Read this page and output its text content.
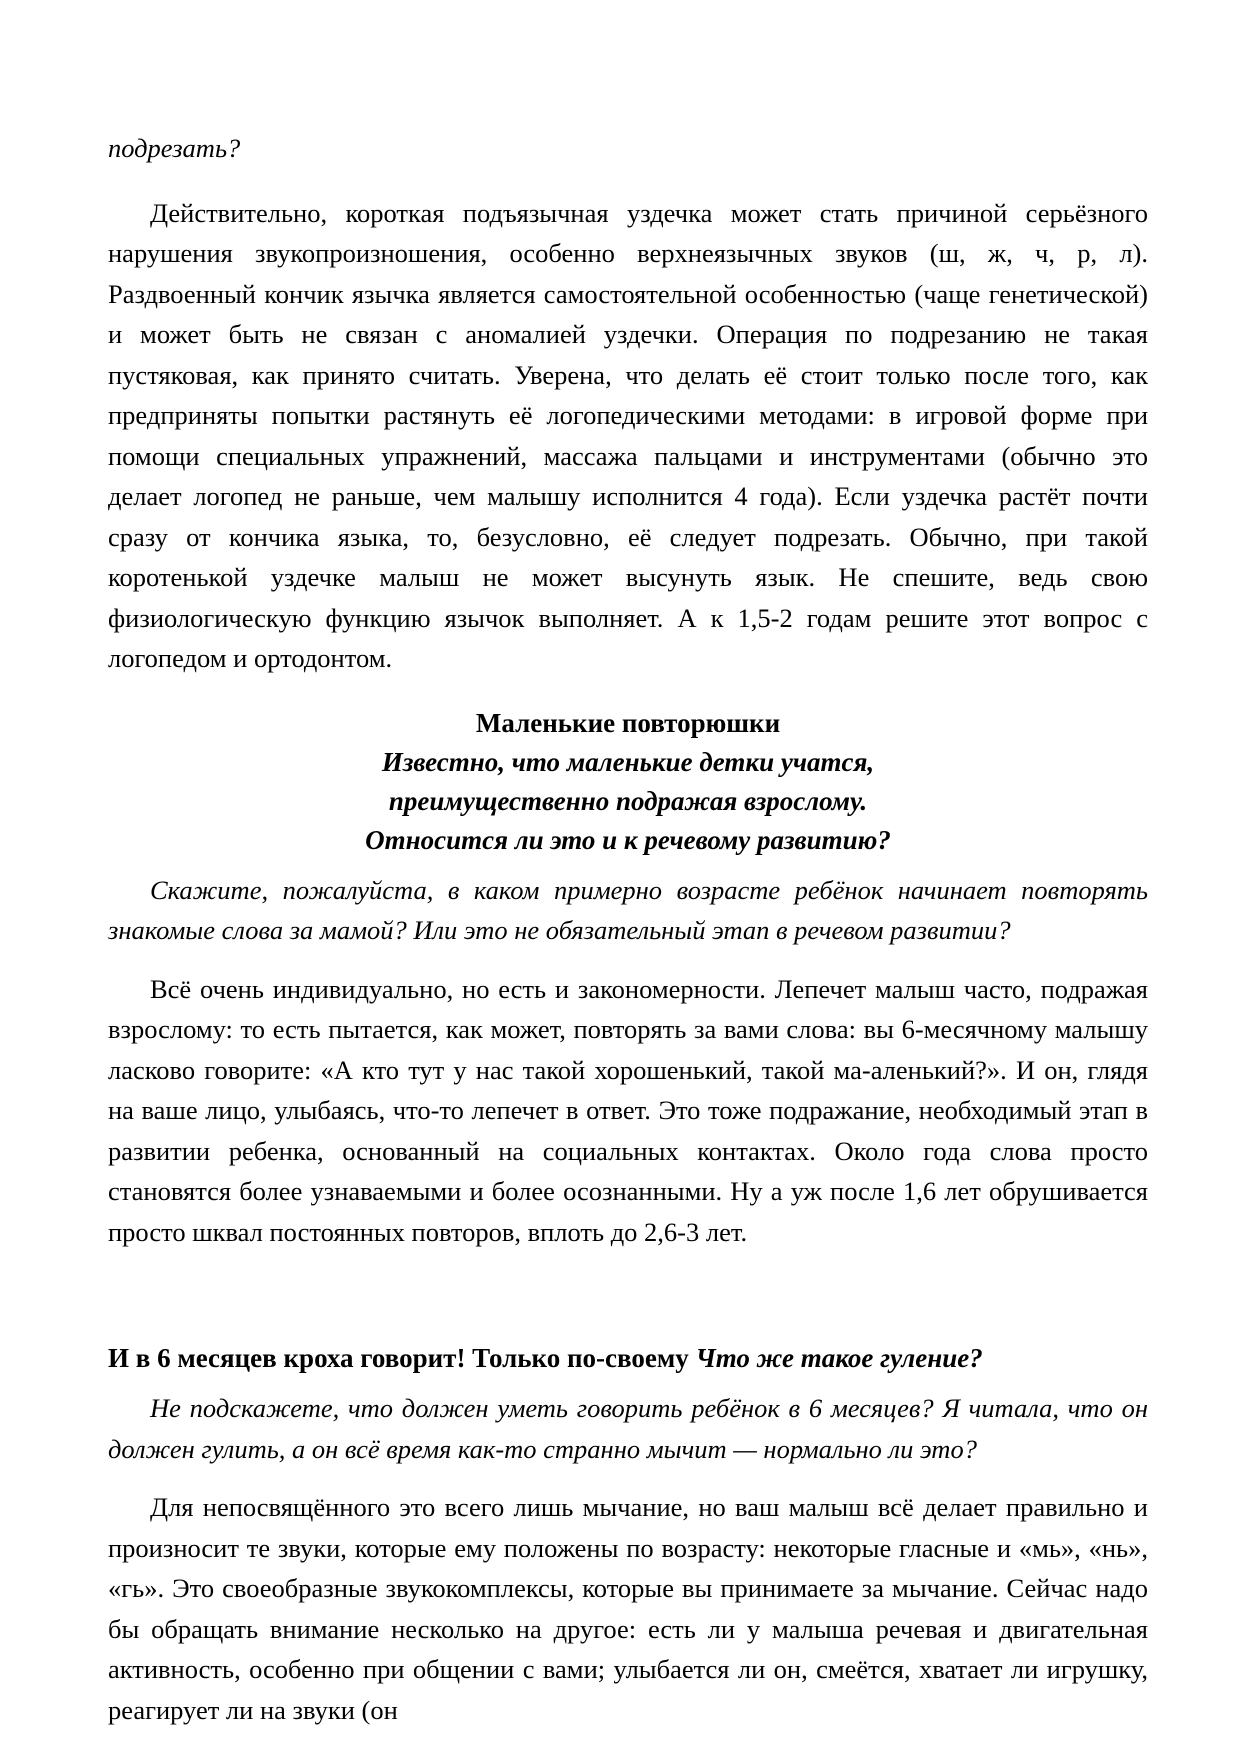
подрезать?

Действительно, короткая подъязычная уздечка может стать причиной серьёзного нарушения звукопроизношения, особенно верхнеязычных звуков (ш, ж, ч, р, л). Раздвоенный кончик язычка является самостоятельной особенностью (чаще генетической) и может быть не связан с аномалией уздечки. Операция по подрезанию не такая пустяковая, как принято считать. Уверена, что делать её стоит только после того, как предприняты попытки растянуть её логопедическими методами: в игровой форме при помощи специальных упражнений, массажа пальцами и инструментами (обычно это делает логопед не раньше, чем малышу исполнится 4 года). Если уздечка растёт почти сразу от кончика языка, то, безусловно, её следует подрезать. Обычно, при такой коротенькой уздечке малыш не может высунуть язык. Не спешите, ведь свою физиологическую функцию язычок выполняет. А к 1,5-2 годам решите этот вопрос с логопедом и ортодонтом.

Маленькие повторюшки

Известно, что маленькие детки учатся,

преимущественно подражая взрослому.

Относится ли это и к речевому развитию?

Скажите, пожалуйста, в каком примерно возрасте ребёнок начинает повторять знакомые слова за мамой? Или это не обязательный этап в речевом развитии?

Всё очень индивидуально, но есть и закономерности. Лепечет малыш часто, подражая взрослому: то есть пытается, как может, повторять за вами слова: вы 6-месячному малышу ласково говорите: «А кто тут у нас такой хорошенький, такой ма-аленький?». И он, глядя на ваше лицо, улыбаясь, что-то лепечет в ответ. Это тоже подражание, необходимый этап в развитии ребенка, основанный на социальных контактах. Около года слова просто становятся более узнаваемыми и более осознанными. Ну а уж после 1,6 лет обрушивается просто шквал постоянных повторов, вплоть до 2,6-3 лет.

И в 6 месяцев кроха говорит! Только по-своему Что же такое гуление?

Не подскажете, что должен уметь говорить ребёнок в 6 месяцев? Я читала, что он должен гулить, а он всё время как-то странно мычит — нормально ли это?

Для непосвящённого это всего лишь мычание, но ваш малыш всё делает правильно и произносит те звуки, которые ему положены по возрасту: некоторые гласные и «мь», «нь», «гь». Это своеобразные звукокомплексы, которые вы принимаете за мычание. Сейчас надо бы обращать внимание несколько на другое: есть ли у малыша речевая и двигательная активность, особенно при общении с вами; улыбается ли он, смеётся, хватает ли игрушку, реагирует ли на звуки (он
